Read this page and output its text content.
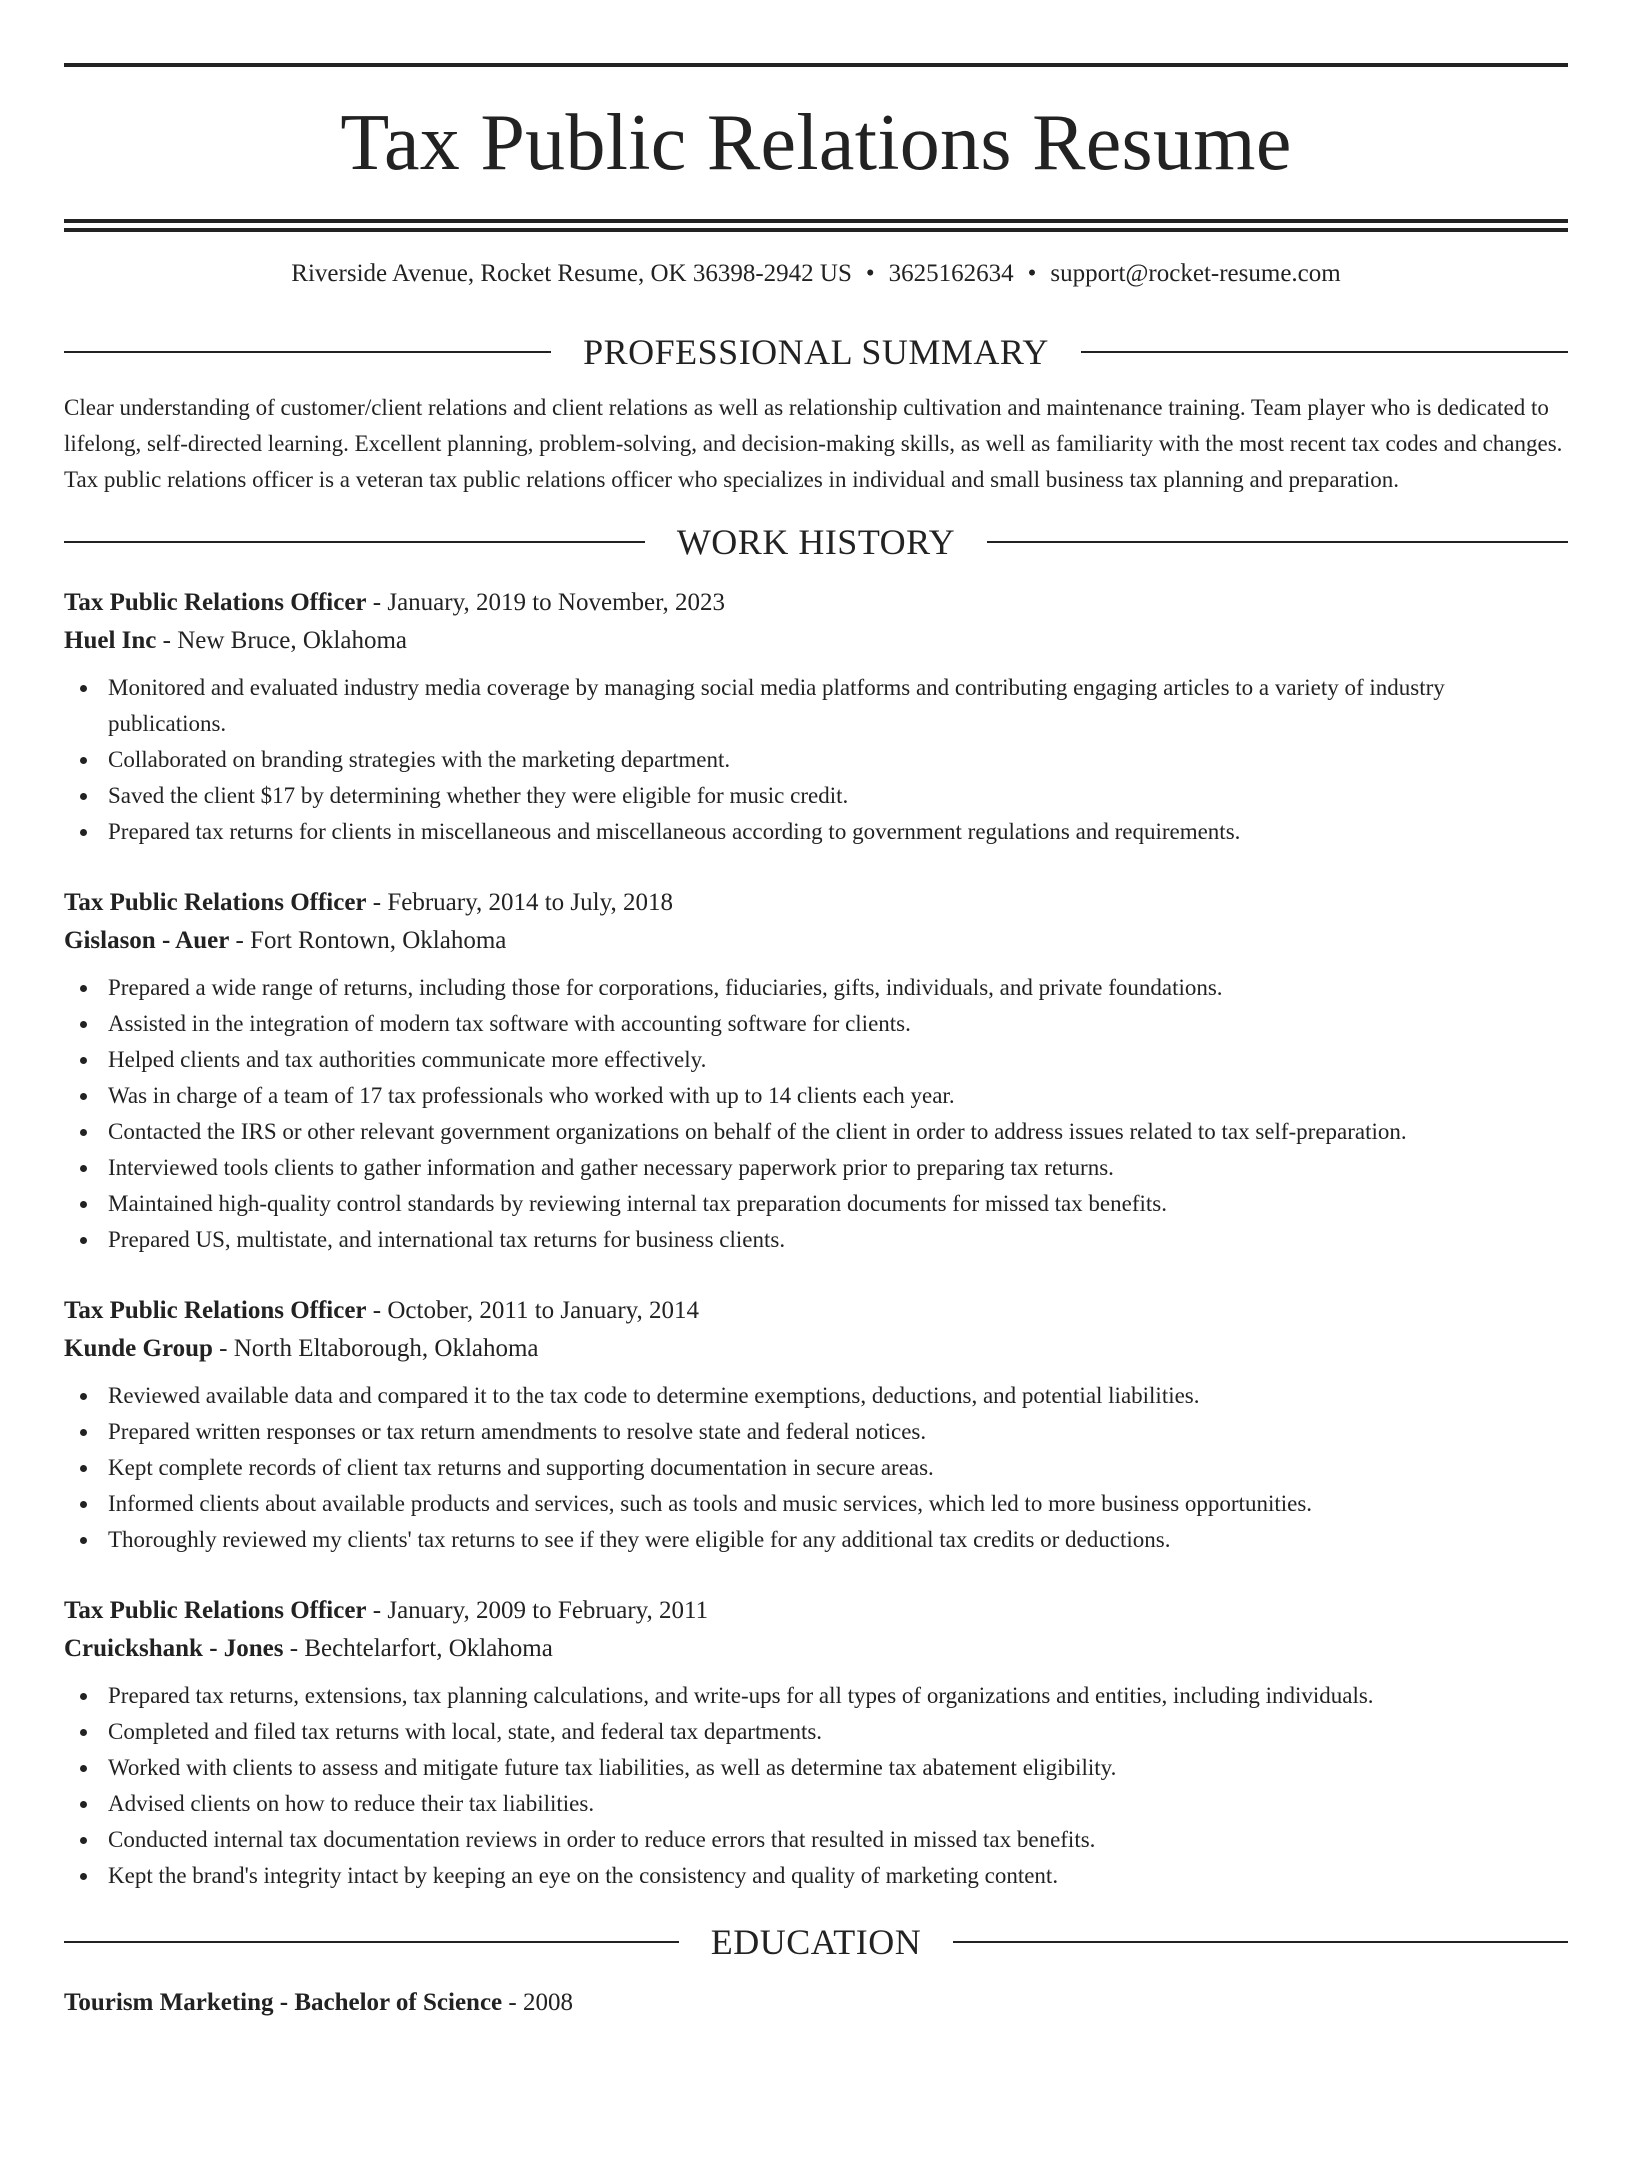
Tax Public Relations Resume
Riverside Avenue, Rocket Resume, OK 36398-2942 US • 3625162634 • support@rocket-resume.com
PROFESSIONAL SUMMARY
Clear understanding of customer/client relations and client relations as well as relationship cultivation and maintenance training. Team player who is dedicated to lifelong, self-directed learning. Excellent planning, problem-solving, and decision-making skills, as well as familiarity with the most recent tax codes and changes. Tax public relations officer is a veteran tax public relations officer who specializes in individual and small business tax planning and preparation.
WORK HISTORY
Tax Public Relations Officer - January, 2019 to November, 2023
Huel Inc - New Bruce, Oklahoma
Monitored and evaluated industry media coverage by managing social media platforms and contributing engaging articles to a variety of industry publications.
Collaborated on branding strategies with the marketing department.
Saved the client $17 by determining whether they were eligible for music credit.
Prepared tax returns for clients in miscellaneous and miscellaneous according to government regulations and requirements.
Tax Public Relations Officer - February, 2014 to July, 2018
Gislason - Auer - Fort Rontown, Oklahoma
Prepared a wide range of returns, including those for corporations, fiduciaries, gifts, individuals, and private foundations.
Assisted in the integration of modern tax software with accounting software for clients.
Helped clients and tax authorities communicate more effectively.
Was in charge of a team of 17 tax professionals who worked with up to 14 clients each year.
Contacted the IRS or other relevant government organizations on behalf of the client in order to address issues related to tax self-preparation.
Interviewed tools clients to gather information and gather necessary paperwork prior to preparing tax returns.
Maintained high-quality control standards by reviewing internal tax preparation documents for missed tax benefits.
Prepared US, multistate, and international tax returns for business clients.
Tax Public Relations Officer - October, 2011 to January, 2014
Kunde Group - North Eltaborough, Oklahoma
Reviewed available data and compared it to the tax code to determine exemptions, deductions, and potential liabilities.
Prepared written responses or tax return amendments to resolve state and federal notices.
Kept complete records of client tax returns and supporting documentation in secure areas.
Informed clients about available products and services, such as tools and music services, which led to more business opportunities.
Thoroughly reviewed my clients' tax returns to see if they were eligible for any additional tax credits or deductions.
Tax Public Relations Officer - January, 2009 to February, 2011
Cruickshank - Jones - Bechtelarfort, Oklahoma
Prepared tax returns, extensions, tax planning calculations, and write-ups for all types of organizations and entities, including individuals.
Completed and filed tax returns with local, state, and federal tax departments.
Worked with clients to assess and mitigate future tax liabilities, as well as determine tax abatement eligibility.
Advised clients on how to reduce their tax liabilities.
Conducted internal tax documentation reviews in order to reduce errors that resulted in missed tax benefits.
Kept the brand's integrity intact by keeping an eye on the consistency and quality of marketing content.
EDUCATION
Tourism Marketing - Bachelor of Science - 2008
